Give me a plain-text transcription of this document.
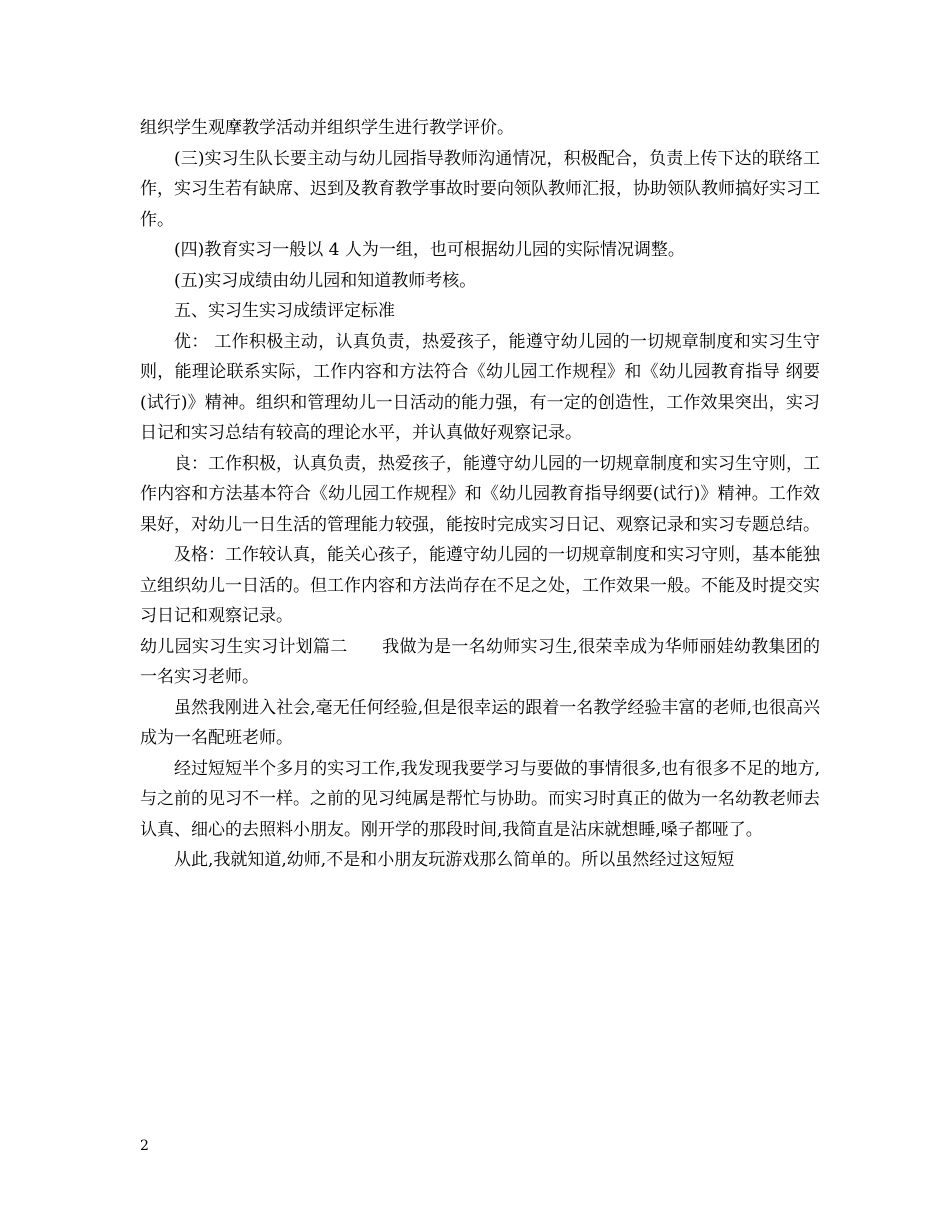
组织学生观摩教学活动并组织学生进行教学评价。

(三)实习生队长要主动与幼儿园指导教师沟通情况，积极配合，负责上传下达的联络工作，实习生若有缺席、迟到及教育教学事故时要向领队教师汇报，协助领队教师搞好实习工作。

(四)教育实习一般以 4 人为一组，也可根据幼儿园的实际情况调整。

(五)实习成绩由幼儿园和知道教师考核。

五、实习生实习成绩评定标准

优： 工作积极主动，认真负责，热爱孩子，能遵守幼儿园的一切规章制度和实习生守则，能理论联系实际，工作内容和方法符合《幼儿园工作规程》和《幼儿园教育指导 纲要(试行)》精神。组织和管理幼儿一日活动的能力强，有一定的创造性，工作效果突出，实习日记和实习总结有较高的理论水平，并认真做好观察记录。

良：工作积极，认真负责，热爱孩子，能遵守幼儿园的一切规章制度和实习生守则，工作内容和方法基本符合《幼儿园工作规程》和《幼儿园教育指导纲要(试行)》精神。工作效果好，对幼儿一日生活的管理能力较强，能按时完成实习日记、观察记录和实习专题总结。

及格：工作较认真，能关心孩子，能遵守幼儿园的一切规章制度和实习守则，基本能独立组织幼儿一日活的。但工作内容和方法尚存在不足之处，工作效果一般。不能及时提交实习日记和观察记录。

幼儿园实习生实习计划篇二　　我做为是一名幼师实习生,很荣幸成为华师丽娃幼教集团的一名实习老师。

虽然我刚进入社会,毫无任何经验,但是很幸运的跟着一名教学经验丰富的老师,也很高兴成为一名配班老师。

经过短短半个多月的实习工作,我发现我要学习与要做的事情很多,也有很多不足的地方,与之前的见习不一样。之前的见习纯属是帮忙与协助。而实习时真正的做为一名幼教老师去认真、细心的去照料小朋友。刚开学的那段时间,我简直是沾床就想睡,嗓子都哑了。

从此,我就知道,幼师,不是和小朋友玩游戏那么简单的。所以虽然经过这短短

2
